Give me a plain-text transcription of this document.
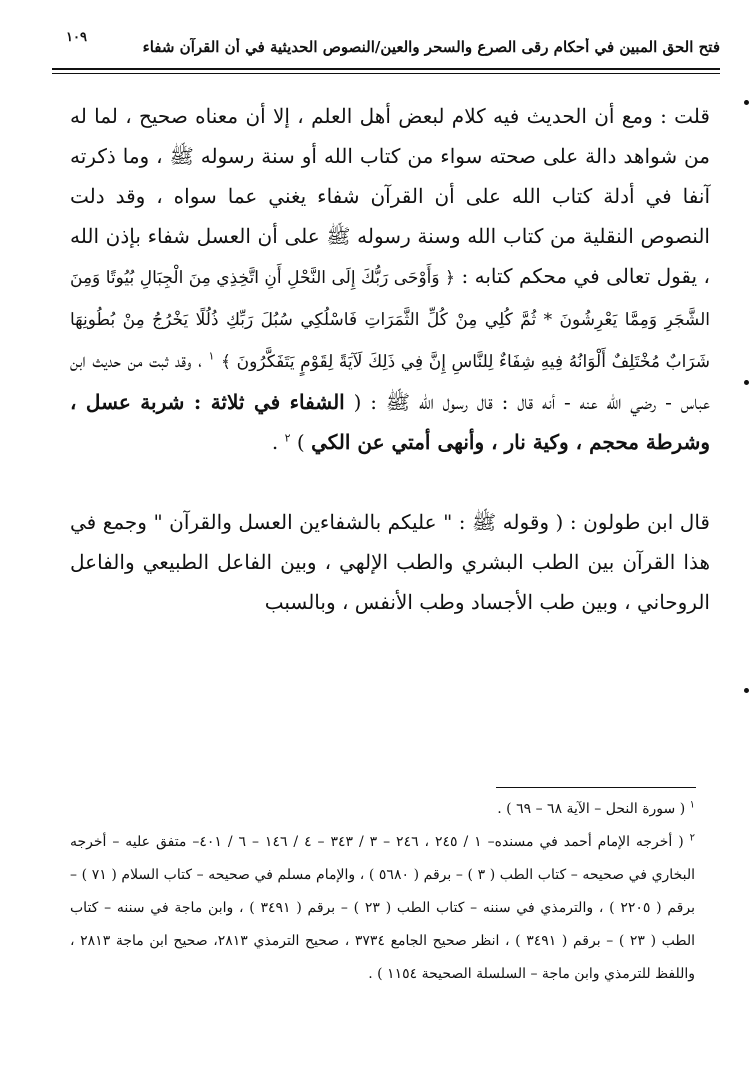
فتح الحق المبين في أحكام رقى الصرع والسحر والعين/النصوص الحديثية في أن القرآن شفاء
١٠٩

قلت : ومع أن الحديث فيه كلام لبعض أهل العلم ، إلا أن معناه صحيح ، لما له من شواهد دالة على صحته سواء من كتاب الله أو سنة رسوله ﷺ ، وما ذكرته آنفا في أدلة كتاب الله على أن القرآن شفاء يغني عما سواه ، وقد دلت النصوص النقلية من كتاب الله وسنة رسوله ﷺ على أن العسل شفاء بإذن الله ، يقول تعالى في محكم كتابه : ﴿ وَأَوْحَى رَبُّكَ إِلَى النَّحْلِ أَنِ اتَّخِذِي مِنَ الْجِبَالِ بُيُوتًا وَمِنَ الشَّجَرِ وَمِمَّا يَعْرِشُونَ * ثُمَّ كُلِي مِنْ كُلِّ الثَّمَرَاتِ فَاسْلُكِي سُبُلَ رَبِّكِ ذُلُلًا يَخْرُجُ مِنْ بُطُونِهَا شَرَابٌ مُخْتَلِفٌ أَلْوَانُهُ فِيهِ شِفَاءٌ لِلنَّاسِ إِنَّ فِي ذَلِكَ لَآيَةً لِقَوْمٍ يَتَفَكَّرُونَ ﴾ $^١$ ، وقد ثبت من حديث ابن عباس - رضي الله عنه - أنه قال : قال رسول الله ﷺ : ( الشفاء في ثلاثة : شربة عسل ، وشرطة محجم ، وكية نار ، وأنهى أمتي عن الكي ) $^٢$ .

قال ابن طولون : ( وقوله ﷺ : " عليكم بالشفاءين العسل والقرآن " وجمع في هذا القرآن بين الطب البشري والطب الإلهي ، وبين الفاعل الطبيعي والفاعل الروحاني ، وبين طب الأجساد وطب الأنفس ، وبالسبب

$^١$ ( سورة النحل – الآية ٦٨ – ٦٩ ) .

$^٢$ ( أخرجه الإمام أحمد في مسنده– ١ / ٢٤٥ ، ٢٤٦ – ٣ / ٣٤٣ – ٤ / ١٤٦ – ٦ / ٤٠١– متفق عليه – أخرجه البخاري في صحيحه – كتاب الطب ( ٣ ) – برقم ( ٥٦٨٠ ) ، والإمام مسلم في صحيحه – كتاب السلام ( ٧١ ) – برقم ( ٢٢٠٥ ) ، والترمذي في سننه – كتاب الطب ( ٢٣ ) – برقم ( ٣٤٩١ ) ، وابن ماجة في سننه – كتاب الطب ( ٢٣ ) – برقم ( ٣٤٩١ ) ، انظر صحيح الجامع ٣٧٣٤ ، صحيح الترمذي ٢٨١٣، صحيح ابن ماجة ٢٨١٣ ، واللفظ للترمذي وابن ماجة – السلسلة الصحيحة ١١٥٤ ) .
